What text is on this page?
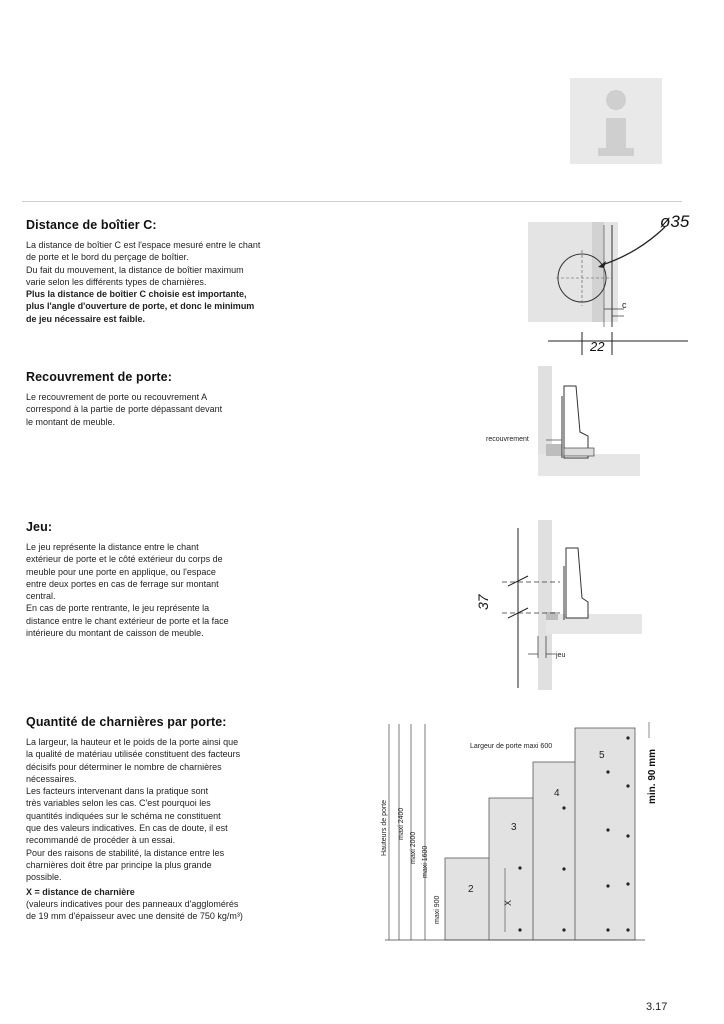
Distance de boîtier C:

La distance de boîtier C est l'espace mesuré entre le chant

de porte et le bord du perçage de boîtier.

Du fait du mouvement, la distance de boîtier maximum

varie selon les différents types de charnières.

Plus la distance de boîtier C choisie est importante,

plus l'angle d'ouverture de porte, et donc le minimum

de jeu nécessaire est faible.

Recouvrement de porte:

Le recouvrement de porte ou recouvrement A

correspond à la partie de porte dépassant devant

le montant de meuble.

Jeu:

Le jeu représente la distance entre le chant

extérieur de porte et le côté extérieur du corps de

meuble pour une porte en applique, ou l'espace

entre deux portes en cas de ferrage sur montant

central.

En cas de porte rentrante, le jeu représente la

distance entre le chant extérieur de porte et la face

intérieure du montant de caisson de meuble.

Quantité de charnières par porte:

La largeur, la hauteur et le poids de la porte ainsi que

la qualité de matériau utilisée constituent des facteurs

décisifs pour déterminer le nombre de charnières

nécessaires.

Les facteurs intervenant dans la pratique sont

très variables selon les cas. C'est pourquoi les

quantités indiquées sur le schéma ne constituent

que des valeurs indicatives. En cas de doute, il est

recommandé de procéder à un essai.

Pour des raisons de stabilité, la distance entre les

charnières doit être par principe la plus grande

possible.

X = distance de charnière

(valeurs indicatives pour des panneaux d'agglomérés

de 19 mm d'épaisseur avec une densité de 750 kg/m³)

c
ø35
22
recouvrement
37
jeu
Hauteurs de porte maxi 2400
maxi 2000 maxi 1600
maxi 900
Largeur de porte maxi 600
2
3
4
5
X
min. 90 mm
3.17
